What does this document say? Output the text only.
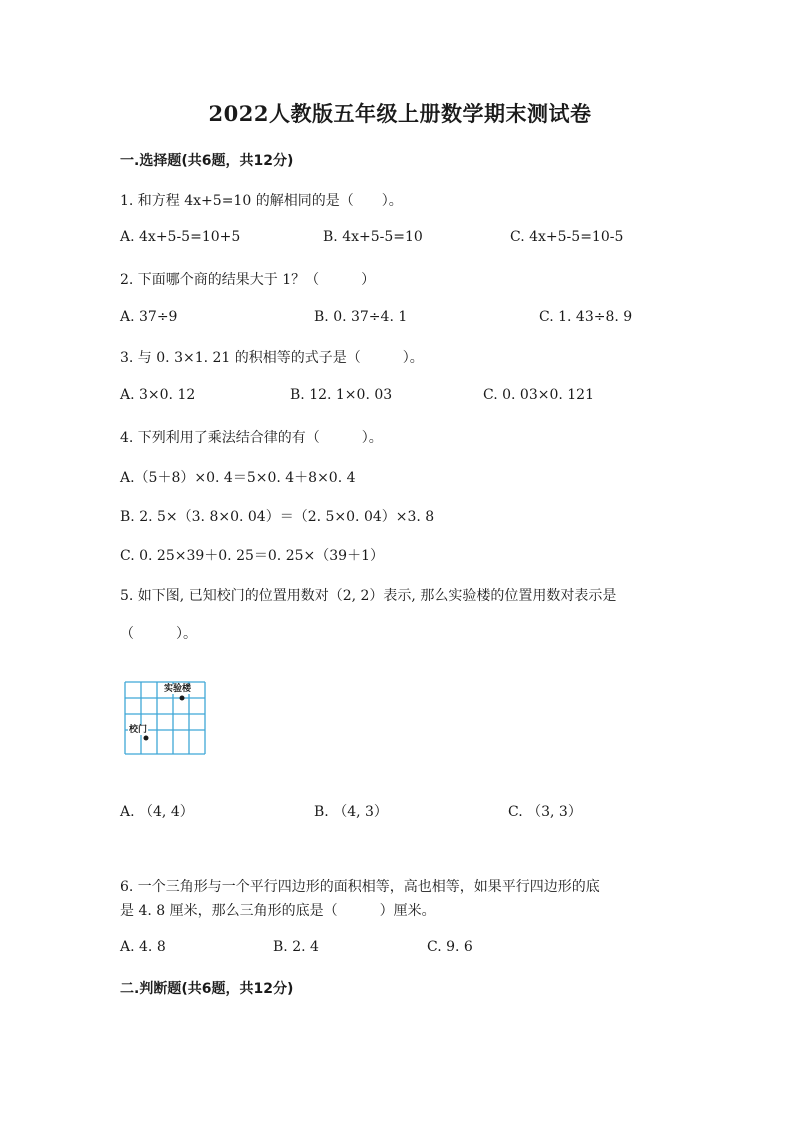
2022人教版五年级上册数学期末测试卷
一.选择题(共6题，共12分)
1. 和方程 4x+5=10 的解相同的是（　　）。
A. 4x+5-5=10+5	B. 4x+5-5=10	C. 4x+5-5=10-5
2. 下面哪个商的结果大于 1？（　　　）
A. 37÷9	B. 0. 37÷4. 1	C. 1. 43÷8. 9
3. 与 0. 3×1. 21 的积相等的式子是（　　　）。
A. 3×0. 12	B. 12. 1×0. 03	C. 0. 03×0. 121
4. 下列利用了乘法结合律的有（　　　）。
A.（5＋8）×0. 4＝5×0. 4＋8×0. 4
B. 2. 5×（3. 8×0. 04）＝（2. 5×0. 04）×3. 8
C. 0. 25×39＋0. 25＝0. 25×（39＋1）
5. 如下图, 已知校门的位置用数对（2, 2）表示, 那么实验楼的位置用数对表示是
（　　　）。
实验楼
校门
A. （4, 4）	B. （4, 3）	C. （3, 3）
6. 一个三角形与一个平行四边形的面积相等，高也相等，如果平行四边形的底
是 4. 8 厘米，那么三角形的底是（　　　）厘米。
A. 4. 8	B. 2. 4	C. 9. 6
二.判断题(共6题，共12分)
